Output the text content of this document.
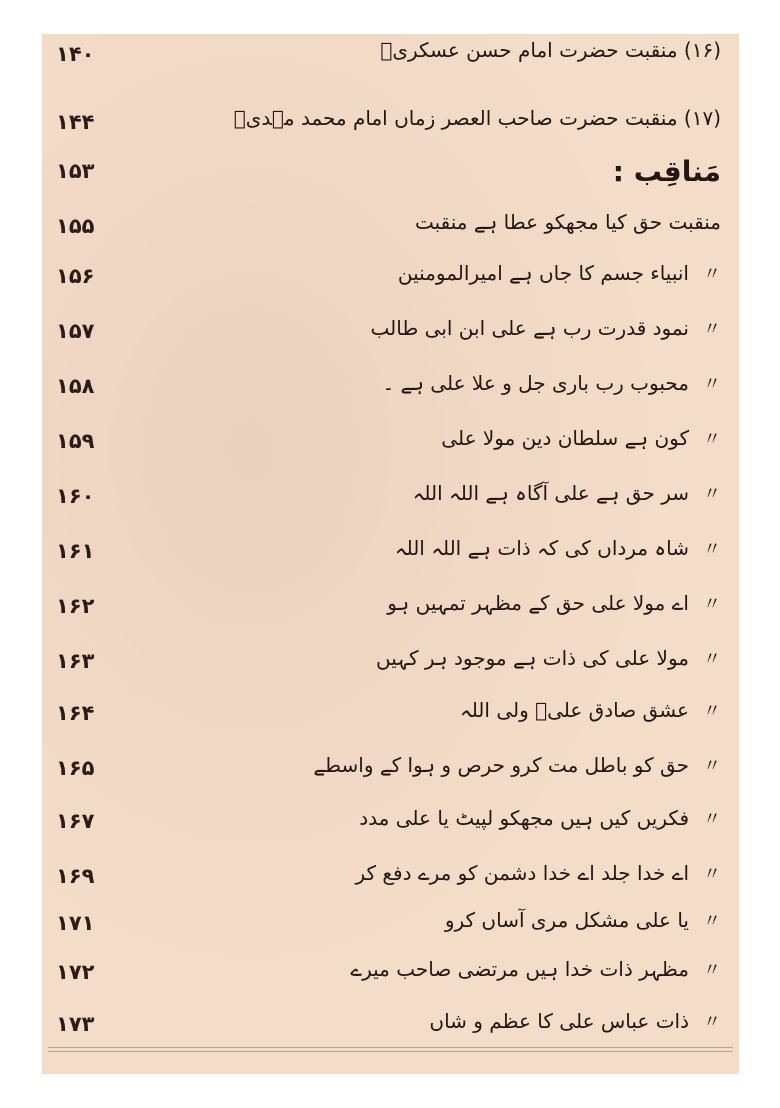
۱۴۰	(۱۶) منقبت حضرت امام حسن عسکریؑ
۱۴۴	(۱۷) منقبت حضرت صاحب العصر زماں امام محمد مہدیؑ
۱۵۳	مَناقِب :
۱۵۵	منقبت حق کیا مجھکو عطا ہے منقبت
۱۵۶	〃انبیاء جسم کا جاں ہے امیرالمومنین
۱۵۷	〃نمود قدرت رب ہے علی ابن ابی طالب
۱۵۸	〃محبوب رب باری جل و علا علی ہے ۔
۱۵۹	〃کون ہے سلطان دین مولا علی
۱۶۰	〃سر حق ہے علی آگاہ ہے اللہ اللہ
۱۶۱	〃شاہ مرداں کی کہ ذات ہے اللہ اللہ
۱۶۲	〃اے مولا علی حق کے مظہر تمہیں ہو
۱۶۳	〃مولا علی کی ذات ہے موجود ہر کہیں
۱۶۴	〃عشق صادق علیؑ ولی اللہ
۱۶۵	〃حق کو باطل مت کرو حرص و ہوا کے واسطے
۱۶۷	〃فکریں کیں ہیں مجھکو لپیٹ یا علی مدد
۱۶۹	〃اے خدا جلد اے خدا دشمن کو مرے دفع کر
۱۷۱	〃یا علی مشکل مری آساں کرو
۱۷۲	〃مظہر ذات خدا ہیں مرتضی صاحب میرے
۱۷۳	〃ذات عباس علی کا عظم و شاں
